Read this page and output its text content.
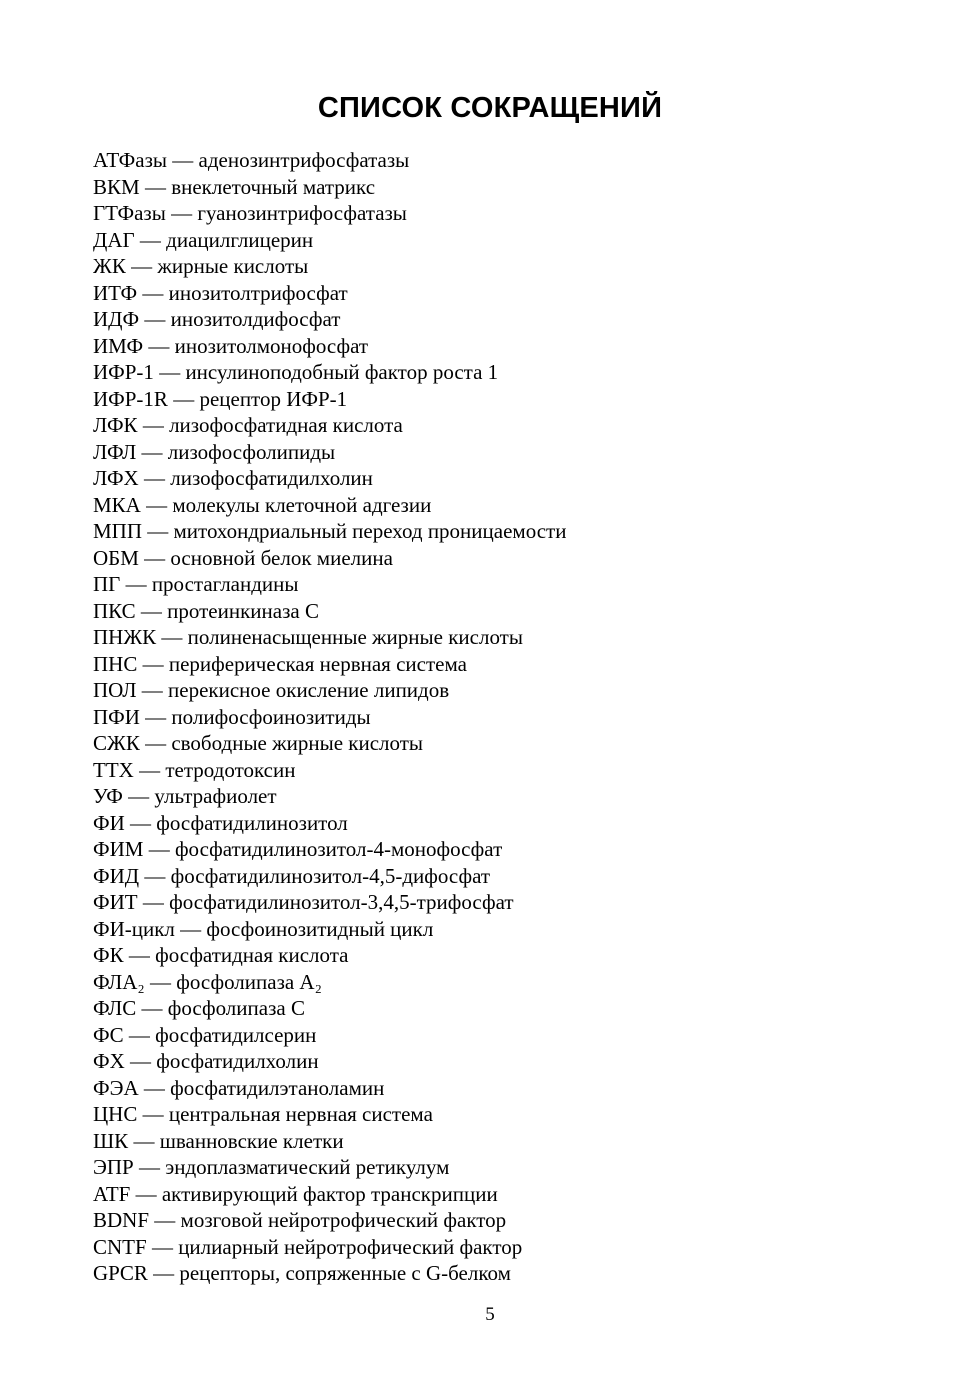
СПИСОК СОКРАЩЕНИЙ
АТФазы — аденозинтрифосфатазы
ВКМ — внеклеточный матрикс
ГТФазы — гуанозинтрифосфатазы
ДАГ — диацилглицерин
ЖК — жирные кислоты
ИТФ — инозитолтрифосфат
ИДФ — инозитолдифосфат
ИМФ — инозитолмонофосфат
ИФР-1 — инсулиноподобный фактор роста 1
ИФР-1R — рецептор ИФР-1
ЛФК — лизофосфатидная кислота
ЛФЛ — лизофосфолипиды
ЛФХ — лизофосфатидилхолин
МКА — молекулы клеточной адгезии
МПП — митохондриальный переход проницаемости
ОБМ — основной белок миелина
ПГ — простагландины
ПКС — протеинкиназа С
ПНЖК — полиненасыщенные жирные кислоты
ПНС — периферическая нервная система
ПОЛ — перекисное окисление липидов
ПФИ — полифосфоинозитиды
СЖК — свободные жирные кислоты
ТТХ — тетродотоксин
УФ — ультрафиолет
ФИ — фосфатидилинозитол
ФИМ — фосфатидилинозитол-4-монофосфат
ФИД — фосфатидилинозитол-4,5-дифосфат
ФИТ — фосфатидилинозитол-3,4,5-трифосфат
ФИ-цикл — фосфоинозитидный цикл
ФК — фосфатидная кислота
ФЛА₂ — фосфолипаза А₂
ФЛС — фосфолипаза С
ФС — фосфатидилсерин
ФХ — фосфатидилхолин
ФЭА — фосфатидилэтаноламин
ЦНС — центральная нервная система
ШК — шванновские клетки
ЭПР — эндоплазматический ретикулум
ATF — активирующий фактор транскрипции
BDNF — мозговой нейротрофический фактор
CNTF — цилиарный нейротрофический фактор
GPCR — рецепторы, сопряженные с G-белком
5
